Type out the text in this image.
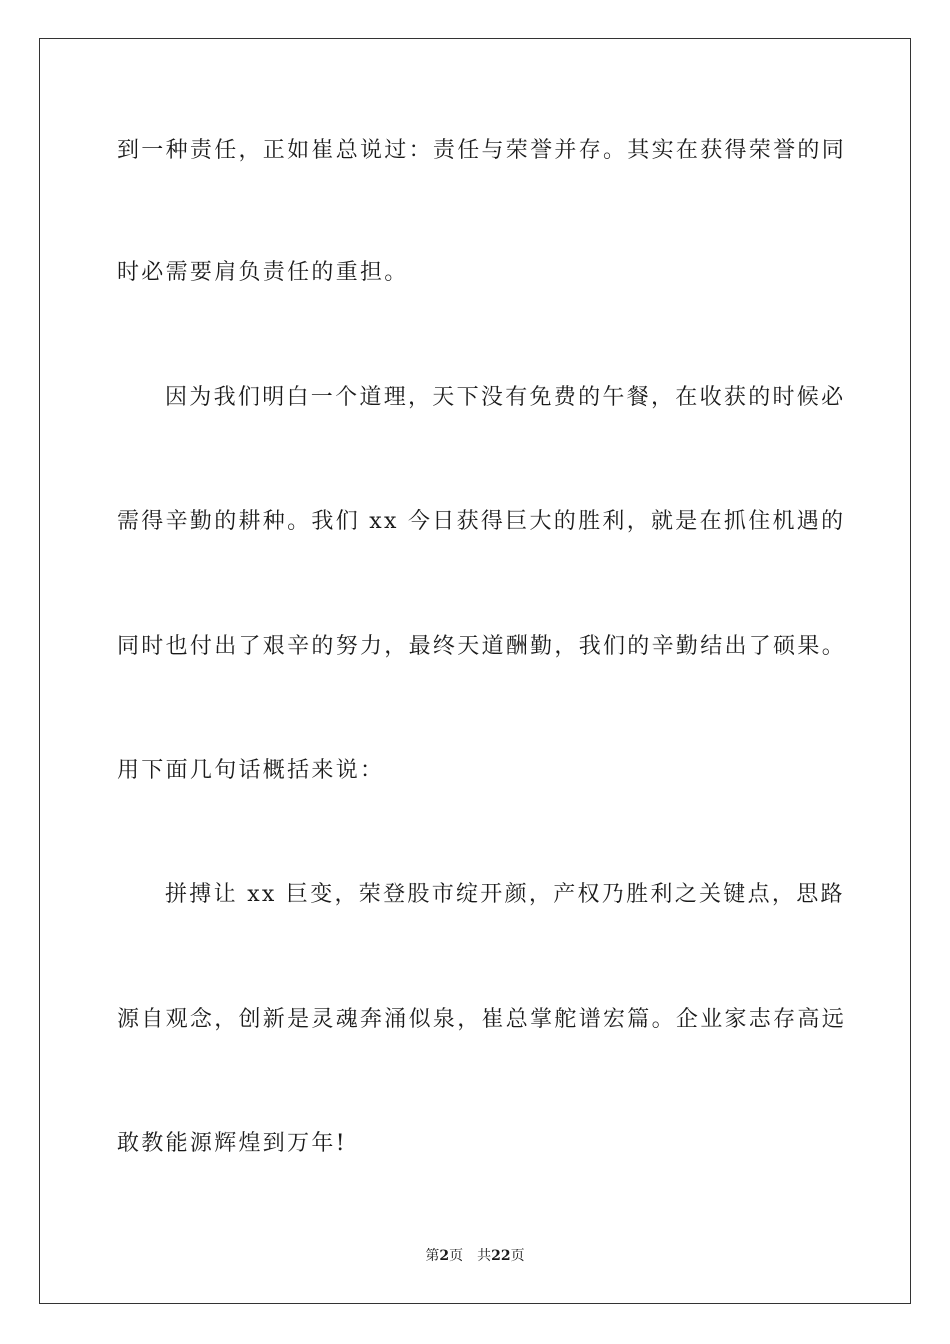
到一种责任，正如崔总说过：责任与荣誉并存。其实在获得荣誉的同
时必需要肩负责任的重担。
因为我们明白一个道理，天下没有免费的午餐，在收获的时候必
需得辛勤的耕种。我们 xx 今日获得巨大的胜利，就是在抓住机遇的
同时也付出了艰辛的努力，最终天道酬勤，我们的辛勤结出了硕果。
用下面几句话概括来说：
拼搏让 xx 巨变，荣登股市绽开颜，产权乃胜利之关键点，思路
源自观念，创新是灵魂奔涌似泉，崔总掌舵谱宏篇。企业家志存高远
敢教能源辉煌到万年!
第2页 共22页
